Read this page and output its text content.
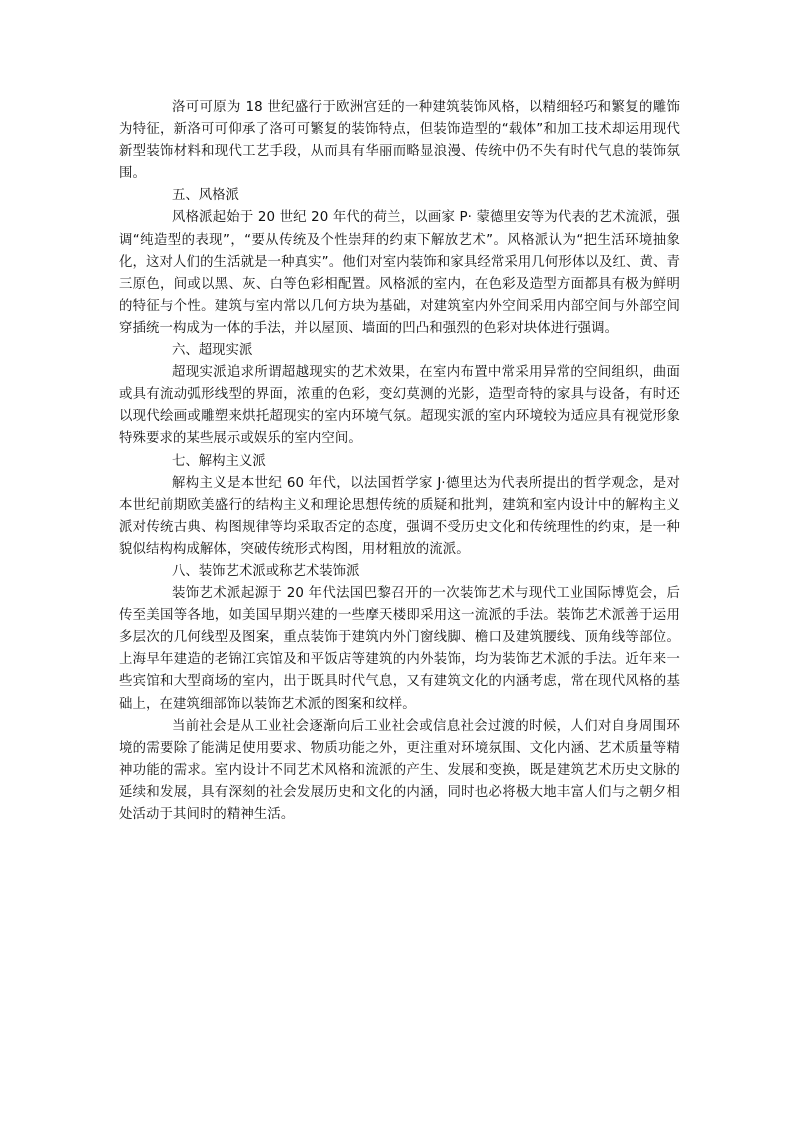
洛可可原为 18 世纪盛行于欧洲宫廷的一种建筑装饰风格，以精细轻巧和繁复的雕饰为特征，新洛可可仰承了洛可可繁复的装饰特点，但装饰造型的“载体”和加工技术却运用现代新型装饰材料和现代工艺手段，从而具有华丽而略显浪漫、传统中仍不失有时代气息的装饰氛围。

五、风格派

风格派起始于 20 世纪 20 年代的荷兰，以画家 P· 蒙德里安等为代表的艺术流派，强调“纯造型的表现”，“要从传统及个性崇拜的约束下解放艺术”。风格派认为“把生活环境抽象化，这对人们的生活就是一种真实”。他们对室内装饰和家具经常采用几何形体以及红、黄、青三原色，间或以黑、灰、白等色彩相配置。风格派的室内，在色彩及造型方面都具有极为鲜明的特征与个性。建筑与室内常以几何方块为基础，对建筑室内外空间采用内部空间与外部空间穿插统一构成为一体的手法，并以屋顶、墙面的凹凸和强烈的色彩对块体进行强调。

六、超现实派

超现实派追求所谓超越现实的艺术效果，在室内布置中常采用异常的空间组织，曲面或具有流动弧形线型的界面，浓重的色彩，变幻莫测的光影，造型奇特的家具与设备，有时还以现代绘画或雕塑来烘托超现实的室内环境气氛。超现实派的室内环境较为适应具有视觉形象特殊要求的某些展示或娱乐的室内空间。

七、解构主义派

解构主义是本世纪 60 年代，以法国哲学家 J·德里达为代表所提出的哲学观念，是对本世纪前期欧美盛行的结构主义和理论思想传统的质疑和批判，建筑和室内设计中的解构主义派对传统古典、构图规律等均采取否定的态度，强调不受历史文化和传统理性的约束，是一种貌似结构构成解体，突破传统形式构图，用材粗放的流派。

八、装饰艺术派或称艺术装饰派

装饰艺术派起源于 20 年代法国巴黎召开的一次装饰艺术与现代工业国际博览会，后传至美国等各地，如美国早期兴建的一些摩天楼即采用这一流派的手法。装饰艺术派善于运用多层次的几何线型及图案，重点装饰于建筑内外门窗线脚、檐口及建筑腰线、顶角线等部位。上海早年建造的老锦江宾馆及和平饭店等建筑的内外装饰，均为装饰艺术派的手法。近年来一些宾馆和大型商场的室内，出于既具时代气息，又有建筑文化的内涵考虑，常在现代风格的基础上，在建筑细部饰以装饰艺术派的图案和纹样。

当前社会是从工业社会逐渐向后工业社会或信息社会过渡的时候，人们对自身周围环境的需要除了能满足使用要求、物质功能之外，更注重对环境氛围、文化内涵、艺术质量等精神功能的需求。室内设计不同艺术风格和流派的产生、发展和变换，既是建筑艺术历史文脉的延续和发展，具有深刻的社会发展历史和文化的内涵，同时也必将极大地丰富人们与之朝夕相处活动于其间时的精神生活。
